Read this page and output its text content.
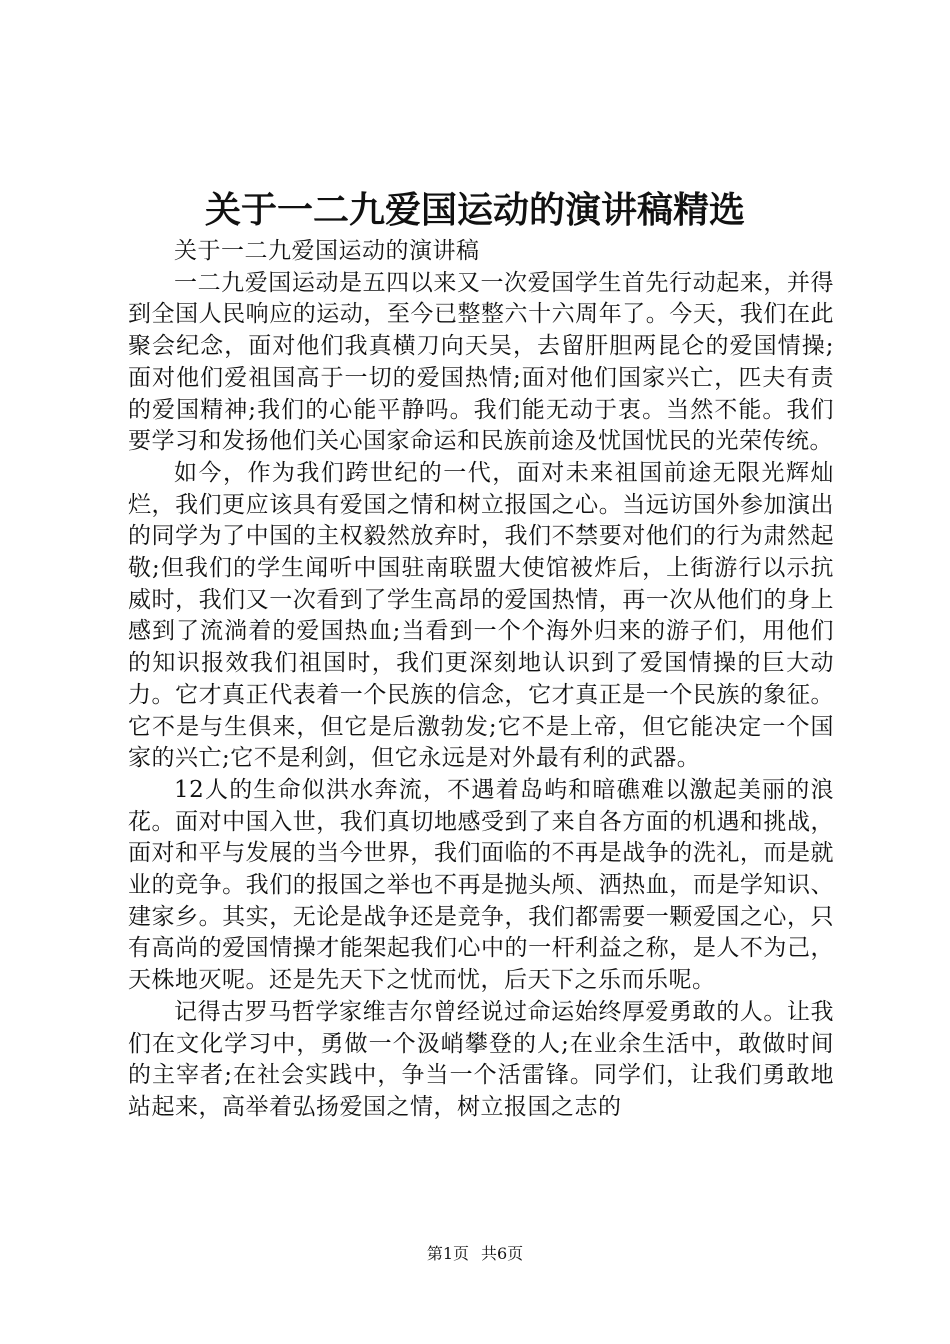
关于一二九爱国运动的演讲稿精选

关于一二九爱国运动的演讲稿

一二九爱国运动是五四以来又一次爱国学生首先行动起来，并得到全国人民响应的运动，至今已整整六十六周年了。今天，我们在此聚会纪念，面对他们我真横刀向天吴，去留肝胆两昆仑的爱国情操;面对他们爱祖国高于一切的爱国热情;面对他们国家兴亡，匹夫有责的爱国精神;我们的心能平静吗。我们能无动于衷。当然不能。我们要学习和发扬他们关心国家命运和民族前途及忧国忧民的光荣传统。

如今，作为我们跨世纪的一代，面对未来祖国前途无限光辉灿烂，我们更应该具有爱国之情和树立报国之心。当远访国外参加演出的同学为了中国的主权毅然放弃时，我们不禁要对他们的行为肃然起敬;但我们的学生闻听中国驻南联盟大使馆被炸后，上街游行以示抗威时，我们又一次看到了学生高昂的爱国热情，再一次从他们的身上感到了流淌着的爱国热血;当看到一个个海外归来的游子们，用他们的知识报效我们祖国时，我们更深刻地认识到了爱国情操的巨大动力。它才真正代表着一个民族的信念，它才真正是一个民族的象征。它不是与生俱来，但它是后激勃发;它不是上帝，但它能决定一个国家的兴亡;它不是利剑，但它永远是对外最有利的武器。

12人的生命似洪水奔流，不遇着岛屿和暗礁难以激起美丽的浪花。面对中国入世，我们真切地感受到了来自各方面的机遇和挑战，面对和平与发展的当今世界，我们面临的不再是战争的洗礼，而是就业的竞争。我们的报国之举也不再是抛头颅、洒热血，而是学知识、建家乡。其实，无论是战争还是竞争，我们都需要一颗爱国之心，只有高尚的爱国情操才能架起我们心中的一杆利益之称，是人不为己，天株地灭呢。还是先天下之忧而忧，后天下之乐而乐呢。

记得古罗马哲学家维吉尔曾经说过命运始终厚爱勇敢的人。让我们在文化学习中，勇做一个汲峭攀登的人;在业余生活中，敢做时间的主宰者;在社会实践中，争当一个活雷锋。同学们，让我们勇敢地站起来，高举着弘扬爱国之情，树立报国之志的

第1页 共6页
